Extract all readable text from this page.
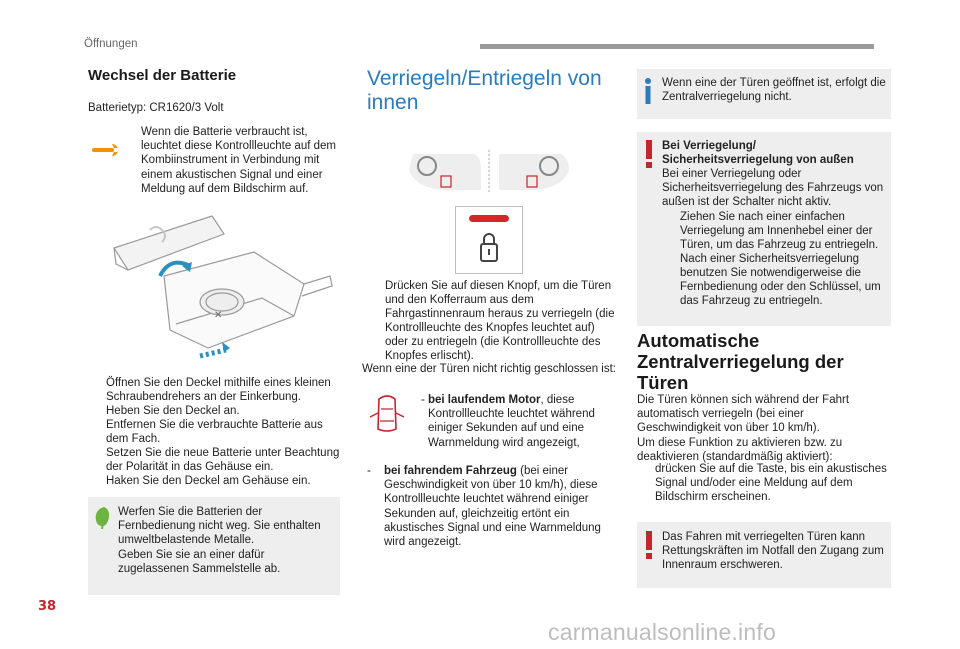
Öffnungen
Wechsel der Batterie
Batterietyp: CR1620/3 Volt
Wenn die Batterie verbraucht ist, leuchtet diese Kontrollleuchte auf dem Kombiinstrument in Verbindung mit einem akustischen Signal und einer Meldung auf dem Bildschirm auf.
✕
Öffnen Sie den Deckel mithilfe eines kleinen Schraubendrehers an der Einkerbung.
Heben Sie den Deckel an.
Entfernen Sie die verbrauchte Batterie aus dem Fach.
Setzen Sie die neue Batterie unter Beachtung der Polarität in das Gehäuse ein.
Haken Sie den Deckel am Gehäuse ein.
Werfen Sie die Batterien der Fernbedienung nicht weg. Sie enthalten umweltbelastende Metalle.
Geben Sie sie an einer dafür zugelassenen Sammelstelle ab.
Verriegeln/Entriegeln von innen
Drücken Sie auf diesen Knopf, um die Türen und den Kofferraum aus dem Fahrgastinnenraum heraus zu verriegeln (die Kontrollleuchte des Knopfes leuchtet auf) oder zu entriegeln (die Kontrollleuchte des Knopfes erlischt).
Wenn eine der Türen nicht richtig geschlossen ist:
- bei laufendem Motor, diese Kontrollleuchte leuchtet während einiger Sekunden auf und eine Warnmeldung wird angezeigt,
- bei fahrendem Fahrzeug (bei einer Geschwindigkeit von über 10 km/h), diese Kontrollleuchte leuchtet während einiger Sekunden auf, gleichzeitig ertönt ein akustisches Signal und eine Warnmeldung wird angezeigt.
Wenn eine der Türen geöffnet ist, erfolgt die Zentralverriegelung nicht.
Bei Verriegelung/
Sicherheitsverriegelung von außen
Bei einer Verriegelung oder Sicherheitsverriegelung des Fahrzeugs von außen ist der Schalter nicht aktiv.
Ziehen Sie nach einer einfachen Verriegelung am Innenhebel einer der Türen, um das Fahrzeug zu entriegeln.
Nach einer Sicherheitsverriegelung benutzen Sie notwendigerweise die Fernbedienung oder den Schlüssel, um das Fahrzeug zu entriegeln.
Automatische Zentralverriegelung der Türen
Die Türen können sich während der Fahrt automatisch verriegeln (bei einer Geschwindigkeit von über 10 km/h).
Um diese Funktion zu aktivieren bzw. zu deaktivieren (standardmäßig aktiviert):
drücken Sie auf die Taste, bis ein akustisches Signal und/oder eine Meldung auf dem Bildschirm erscheinen.
Das Fahren mit verriegelten Türen kann Rettungskräften im Notfall den Zugang zum Innenraum erschweren.
38
carmanualsonline.info
